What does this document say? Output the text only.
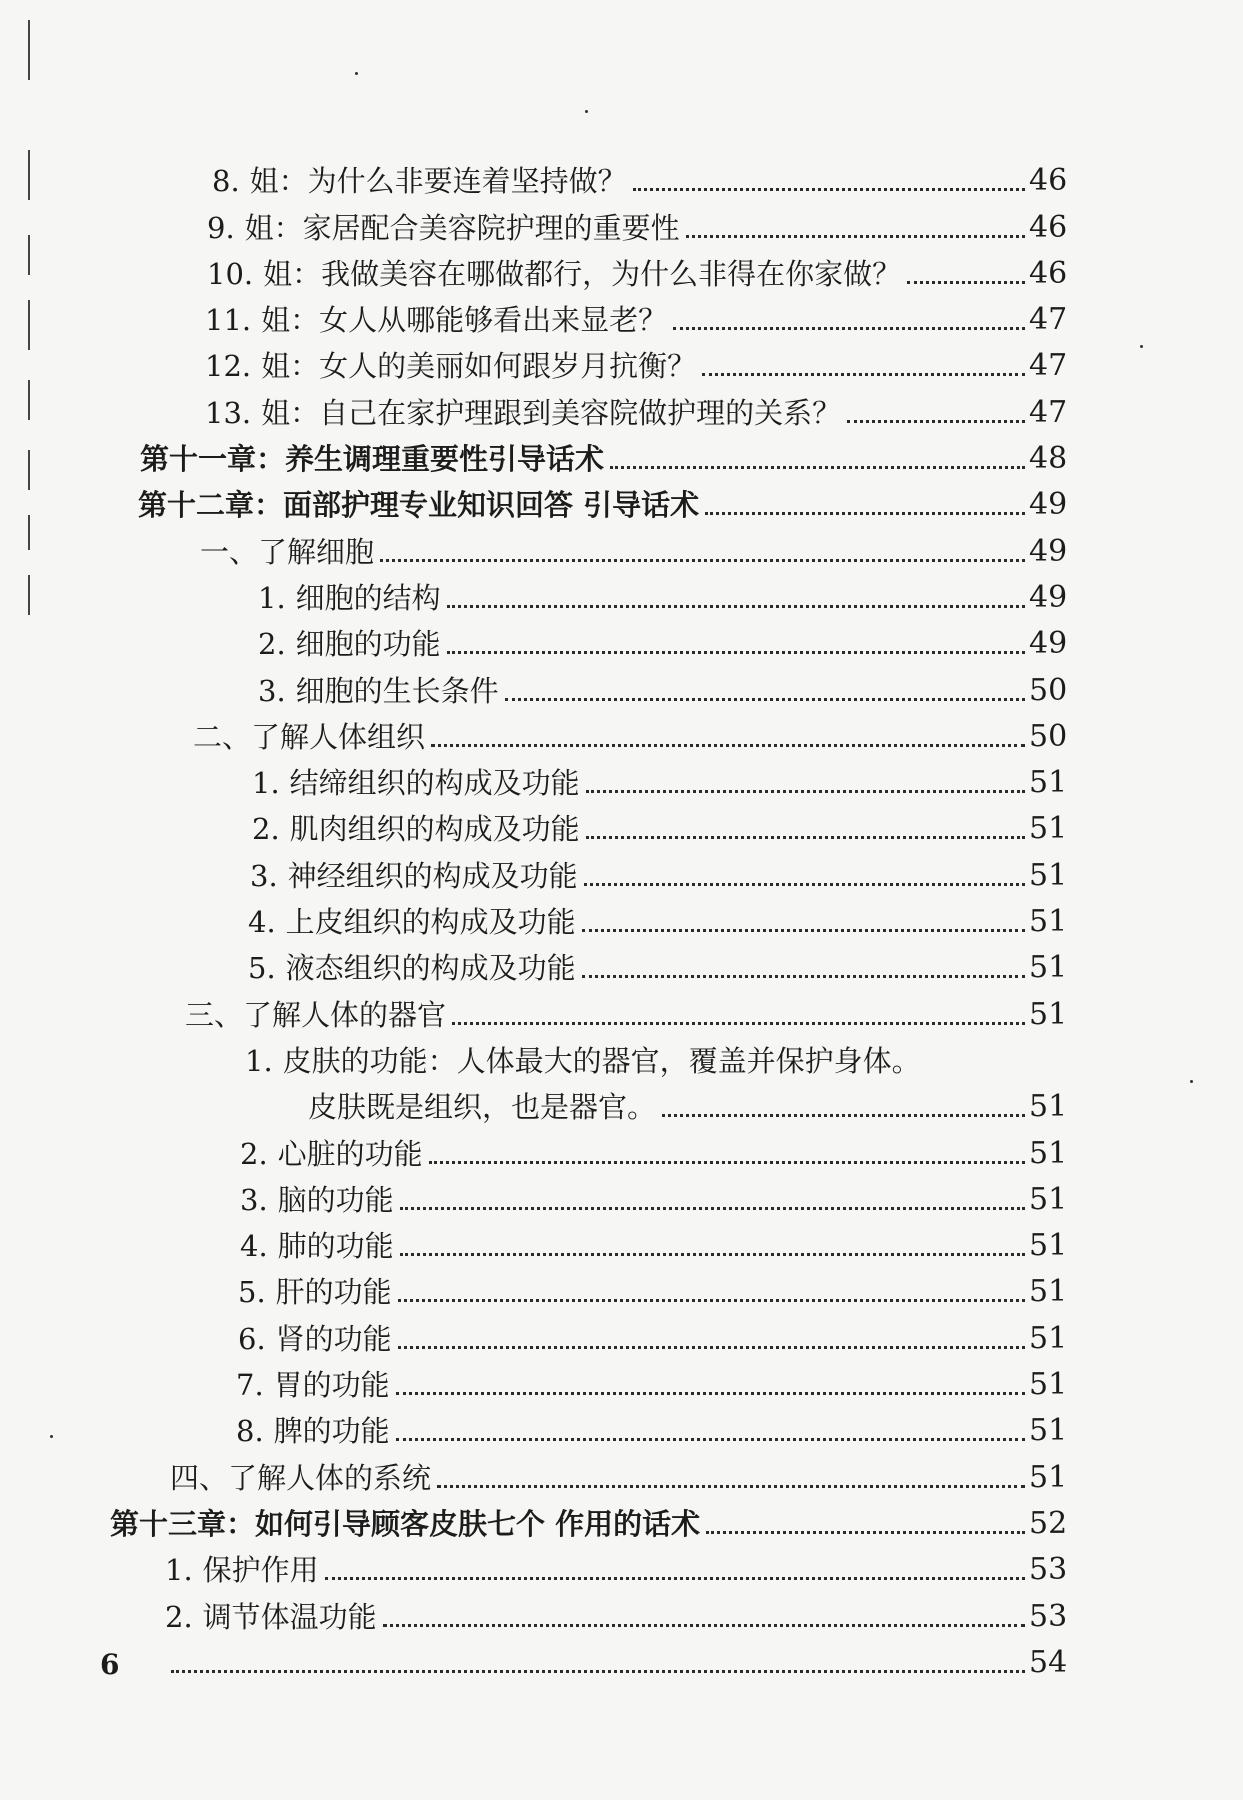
8. 姐：为什么非要连着坚持做？	46
9. 姐：家居配合美容院护理的重要性	46
10. 姐：我做美容在哪做都行，为什么非得在你家做？	46
11. 姐：女人从哪能够看出来显老？	47
12. 姐：女人的美丽如何跟岁月抗衡？	47
13. 姐：自己在家护理跟到美容院做护理的关系？	47
第十一章：养生调理重要性引导话术	48
第十二章：面部护理专业知识回答 引导话术	49
一、了解细胞	49
1. 细胞的结构	49
2. 细胞的功能	49
3. 细胞的生长条件	50
二、了解人体组织	50
1. 结缔组织的构成及功能	51
2. 肌肉组织的构成及功能	51
3. 神经组织的构成及功能	51
4. 上皮组织的构成及功能	51
5. 液态组织的构成及功能	51
三、了解人体的器官	51
1. 皮肤的功能：人体最大的器官，覆盖并保护身体。
皮肤既是组织，也是器官。	51
2. 心脏的功能	51
3. 脑的功能	51
4. 肺的功能	51
5. 肝的功能	51
6. 肾的功能	51
7. 胃的功能	51
8. 脾的功能	51
四、了解人体的系统	51
第十三章：如何引导顾客皮肤七个 作用的话术	52
1. 保护作用	53
2. 调节体温功能	53
54
6
